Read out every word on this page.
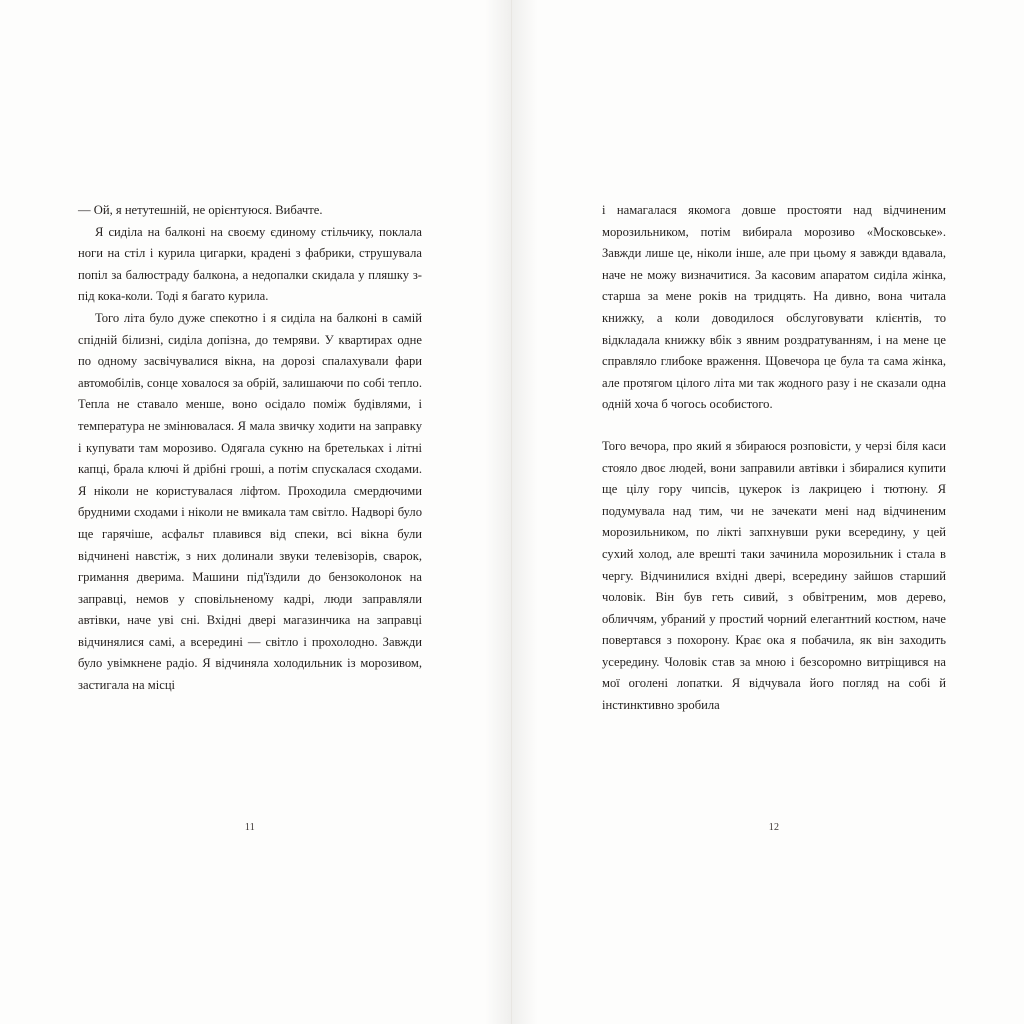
— Ой, я нетутешній, не орієнтуюся. Вибачте.

Я сиділа на балконі на своєму єдиному стільчику, поклала ноги на стіл і курила цигарки, крадені з фабрики, струшувала попіл за балюстраду балкона, а недопалки скидала у пляшку з-під кока-коли. Тоді я багато курила.

Того літа було дуже спекотно і я сиділа на балконі в самій спідній білизні, сиділа допізна, до темряви. У квартирах одне по одному засвічувалися вікна, на дорозі спалахували фари автомобілів, сонце ховалося за обрій, залишаючи по собі тепло. Тепла не ставало менше, воно осідало поміж будівлями, і температура не змінювалася. Я мала звичку ходити на заправку і купувати там морозиво. Одягала сукню на бретельках і літні капці, брала ключі й дрібні гроші, а потім спускалася сходами. Я ніколи не користувалася ліфтом. Проходила смердючими брудними сходами і ніколи не вмикала там світло. Надворі було ще гарячіше, асфальт плавився від спеки, всі вікна були відчинені навстіж, з них долинали звуки телевізорів, сварок, гримання дверима. Машини під'їздили до бензоколонок на заправці, немов у сповільненому кадрі, люди заправляли автівки, наче уві сні. Вхідні двері магазинчика на заправці відчинялися самі, а всередині — світло і прохолодно. Завжди було увімкнене радіо. Я відчиняла холодильник із морозивом, застигала на місці

11

і намагалася якомога довше простояти над відчиненим морозильником, потім вибирала морозиво «Московське». Завжди лише це, ніколи інше, але при цьому я завжди вдавала, наче не можу визначитися. За касовим апаратом сиділа жінка, старша за мене років на тридцять. На дивно, вона читала книжку, а коли доводилося обслуговувати клієнтів, то відкладала книжку вбік з явним роздратуванням, і на мене це справляло глибоке враження. Щовечора це була та сама жінка, але протягом цілого літа ми так жодного разу і не сказали одна одній хоча б чогось особистого.

Того вечора, про який я збираюся розповісти, у черзі біля каси стояло двоє людей, вони заправили автівки і збиралися купити ще цілу гору чипсів, цукерок із лакрицею і тютюну. Я подумувала над тим, чи не зачекати мені над відчиненим морозильником, по лікті запхнувши руки всередину, у цей сухий холод, але врешті таки зачинила морозильник і стала в чергу. Відчинилися вхідні двері, всередину зайшов старший чоловік. Він був геть сивий, з обвітреним, мов дерево, обличчям, убраний у простий чорний елегантний костюм, наче повертався з похорону. Крає ока я побачила, як він заходить усередину. Чоловік став за мною і безсоромно витріщився на мої оголені лопатки. Я відчувала його погляд на собі й інстинктивно зробила

12
